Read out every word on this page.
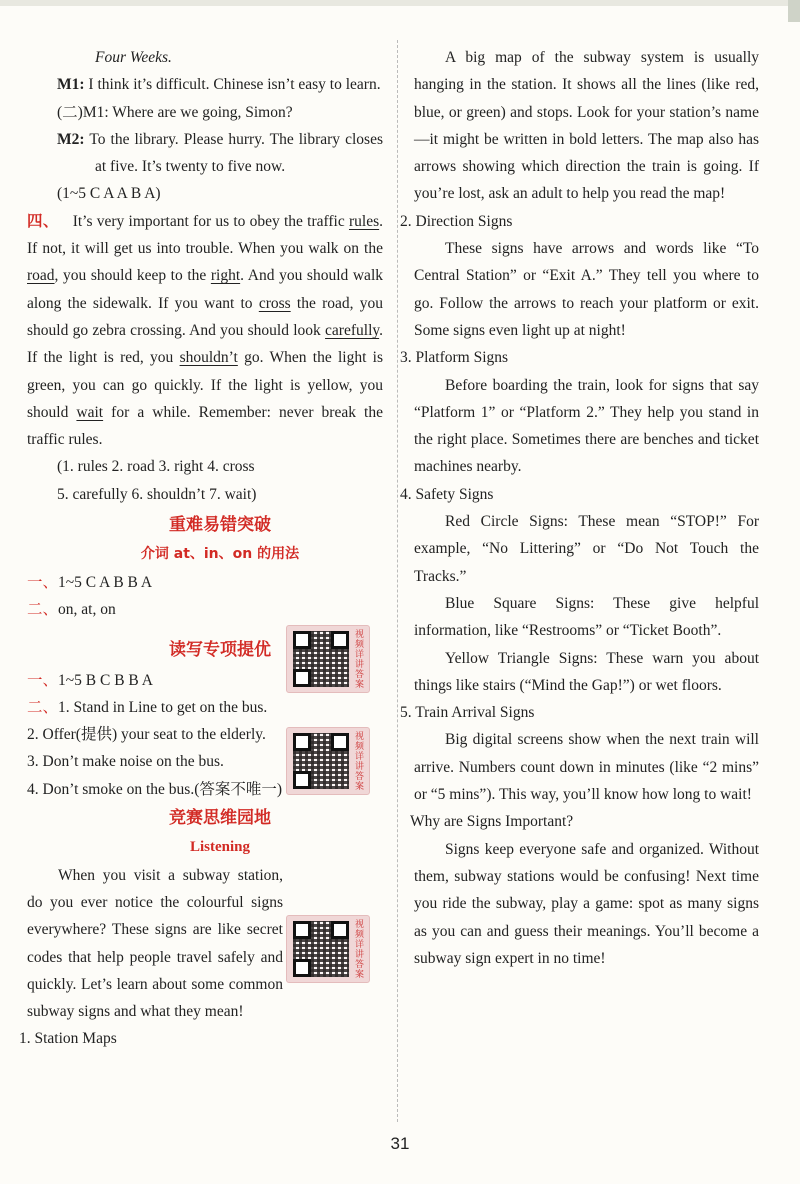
Four Weeks.

M1: I think it’s difficult. Chinese isn’t easy to learn.

(二)M1: Where are we going, Simon?

M2: To the library. Please hurry. The library closes at five. It’s twenty to five now.

(1~5 C A A B A)

四、 It’s very important for us to obey the traffic rules. If not, it will get us into trouble. When you walk on the road, you should keep to the right. And you should walk along the sidewalk. If you want to cross the road, you should go zebra crossing. And you should look carefully. If the light is red, you shouldn’t go. When the light is green, you can go quickly. If the light is yellow, you should wait for a while. Remember: never break the traffic rules.

(1. rules 2. road 3. right 4. cross

5. carefully 6. shouldn’t 7. wait)

重难易错突破
介词 at、in、on 的用法

一、1~5 C A B B A

二、on, at, on

读写专项提优

一、1~5 B C B B A

二、1. Stand in Line to get on the bus.

2. Offer(提供) your seat to the elderly.

3. Don’t make noise on the bus.

4. Don’t smoke on the bus.(答案不唯一)

竞赛思维园地
Listening

When you visit a subway station, do you ever notice the colourful signs everywhere? These signs are like secret codes that help people travel safely and quickly. Let’s learn about some common subway signs and what they mean!

1. Station Maps

视频详讲答案
视频详讲答案
视频详讲答案

A big map of the subway system is usually hanging in the station. It shows all the lines (like red, blue, or green) and stops. Look for your station’s name—it might be written in bold letters. The map also has arrows showing which direction the train is going. If you’re lost, ask an adult to help you read the map!

2. Direction Signs

These signs have arrows and words like “To Central Station” or “Exit A.” They tell you where to go. Follow the arrows to reach your platform or exit. Some signs even light up at night!

3. Platform Signs

Before boarding the train, look for signs that say “Platform 1” or “Platform 2.” They help you stand in the right place. Sometimes there are benches and ticket machines nearby.

4. Safety Signs

Red Circle Signs: These mean “STOP!” For example, “No Littering” or “Do Not Touch the Tracks.”

Blue Square Signs: These give helpful information, like “Restrooms” or “Ticket Booth”.

Yellow Triangle Signs: These warn you about things like stairs (“Mind the Gap!”) or wet floors.

5. Train Arrival Signs

Big digital screens show when the next train will arrive. Numbers count down in minutes (like “2 mins” or “5 mins”). This way, you’ll know how long to wait!

Why are Signs Important?

Signs keep everyone safe and organized. Without them, subway stations would be confusing! Next time you ride the subway, play a game: spot as many signs as you can and guess their meanings. You’ll become a subway sign expert in no time!

31
